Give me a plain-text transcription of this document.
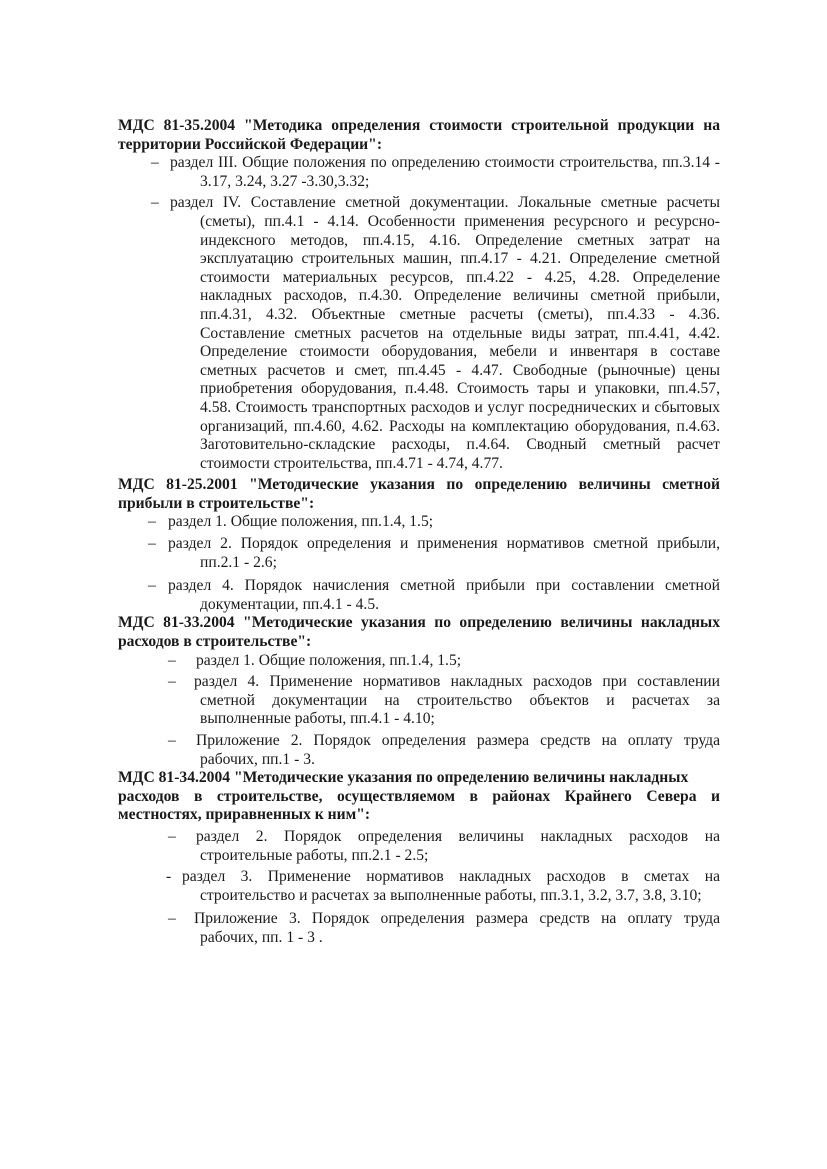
МДС 81-35.2004 "Методика определения стоимости строительной продукции на территории Российской Федерации":

– раздел III. Общие положения по определению стоимости строительства, пп.3.14 - 3.17, 3.24, 3.27 -3.30,3.32;
– раздел IV. Составление сметной документации. Локальные сметные расчеты (сметы), пп.4.1 - 4.14. Особенности применения ресурсного и ресурсно-индексного методов, пп.4.15, 4.16. Определение сметных затрат на эксплуатацию строительных машин, пп.4.17 - 4.21. Определение сметной стоимости материальных ресурсов, пп.4.22 - 4.25, 4.28. Определение накладных расходов, п.4.30. Определение величины сметной прибыли, пп.4.31, 4.32. Объектные сметные расчеты (сметы), пп.4.33 - 4.36. Составление сметных расчетов на отдельные виды затрат, пп.4.41, 4.42. Определение стоимости оборудования, мебели и инвентаря в составе сметных расчетов и смет, пп.4.45 - 4.47. Свободные (рыночные) цены приобретения оборудования, п.4.48. Стоимость тары и упаковки, пп.4.57, 4.58. Стоимость транспортных расходов и услуг посреднических и сбытовых организаций, пп.4.60, 4.62. Расходы на комплектацию оборудования, п.4.63. Заготовительно-складские расходы, п.4.64. Сводный сметный расчет стоимости строительства, пп.4.71 - 4.74, 4.77.

МДС 81-25.2001 "Методические указания по определению величины сметной прибыли в строительстве":

– раздел 1. Общие положения, пп.1.4, 1.5;
– раздел 2. Порядок определения и применения нормативов сметной прибыли, пп.2.1 - 2.6;
– раздел 4. Порядок начисления сметной прибыли при составлении сметной документации, пп.4.1 - 4.5.

МДС 81-33.2004 "Методические указания по определению величины накладных расходов в строительстве":

– раздел 1. Общие положения, пп.1.4, 1.5;
– раздел 4. Применение нормативов накладных расходов при составлении сметной документации на строительство объектов и расчетах за выполненные работы, пп.4.1 - 4.10;
– Приложение 2. Порядок определения размера средств на оплату труда рабочих, пп.1 - 3.

МДС 81-34.2004 "Методические указания по определению величины накладных
расходов в строительстве, осуществляемом в районах Крайнего Севера и местностях, приравненных к ним":

– раздел 2. Порядок определения величины накладных расходов на строительные работы, пп.2.1 - 2.5;
- раздел 3. Применение нормативов накладных расходов в сметах на строительство и расчетах за выполненные работы, пп.3.1, 3.2, 3.7, 3.8, 3.10;
– Приложение 3. Порядок определения размера средств на оплату труда рабочих, пп. 1 - 3 .
